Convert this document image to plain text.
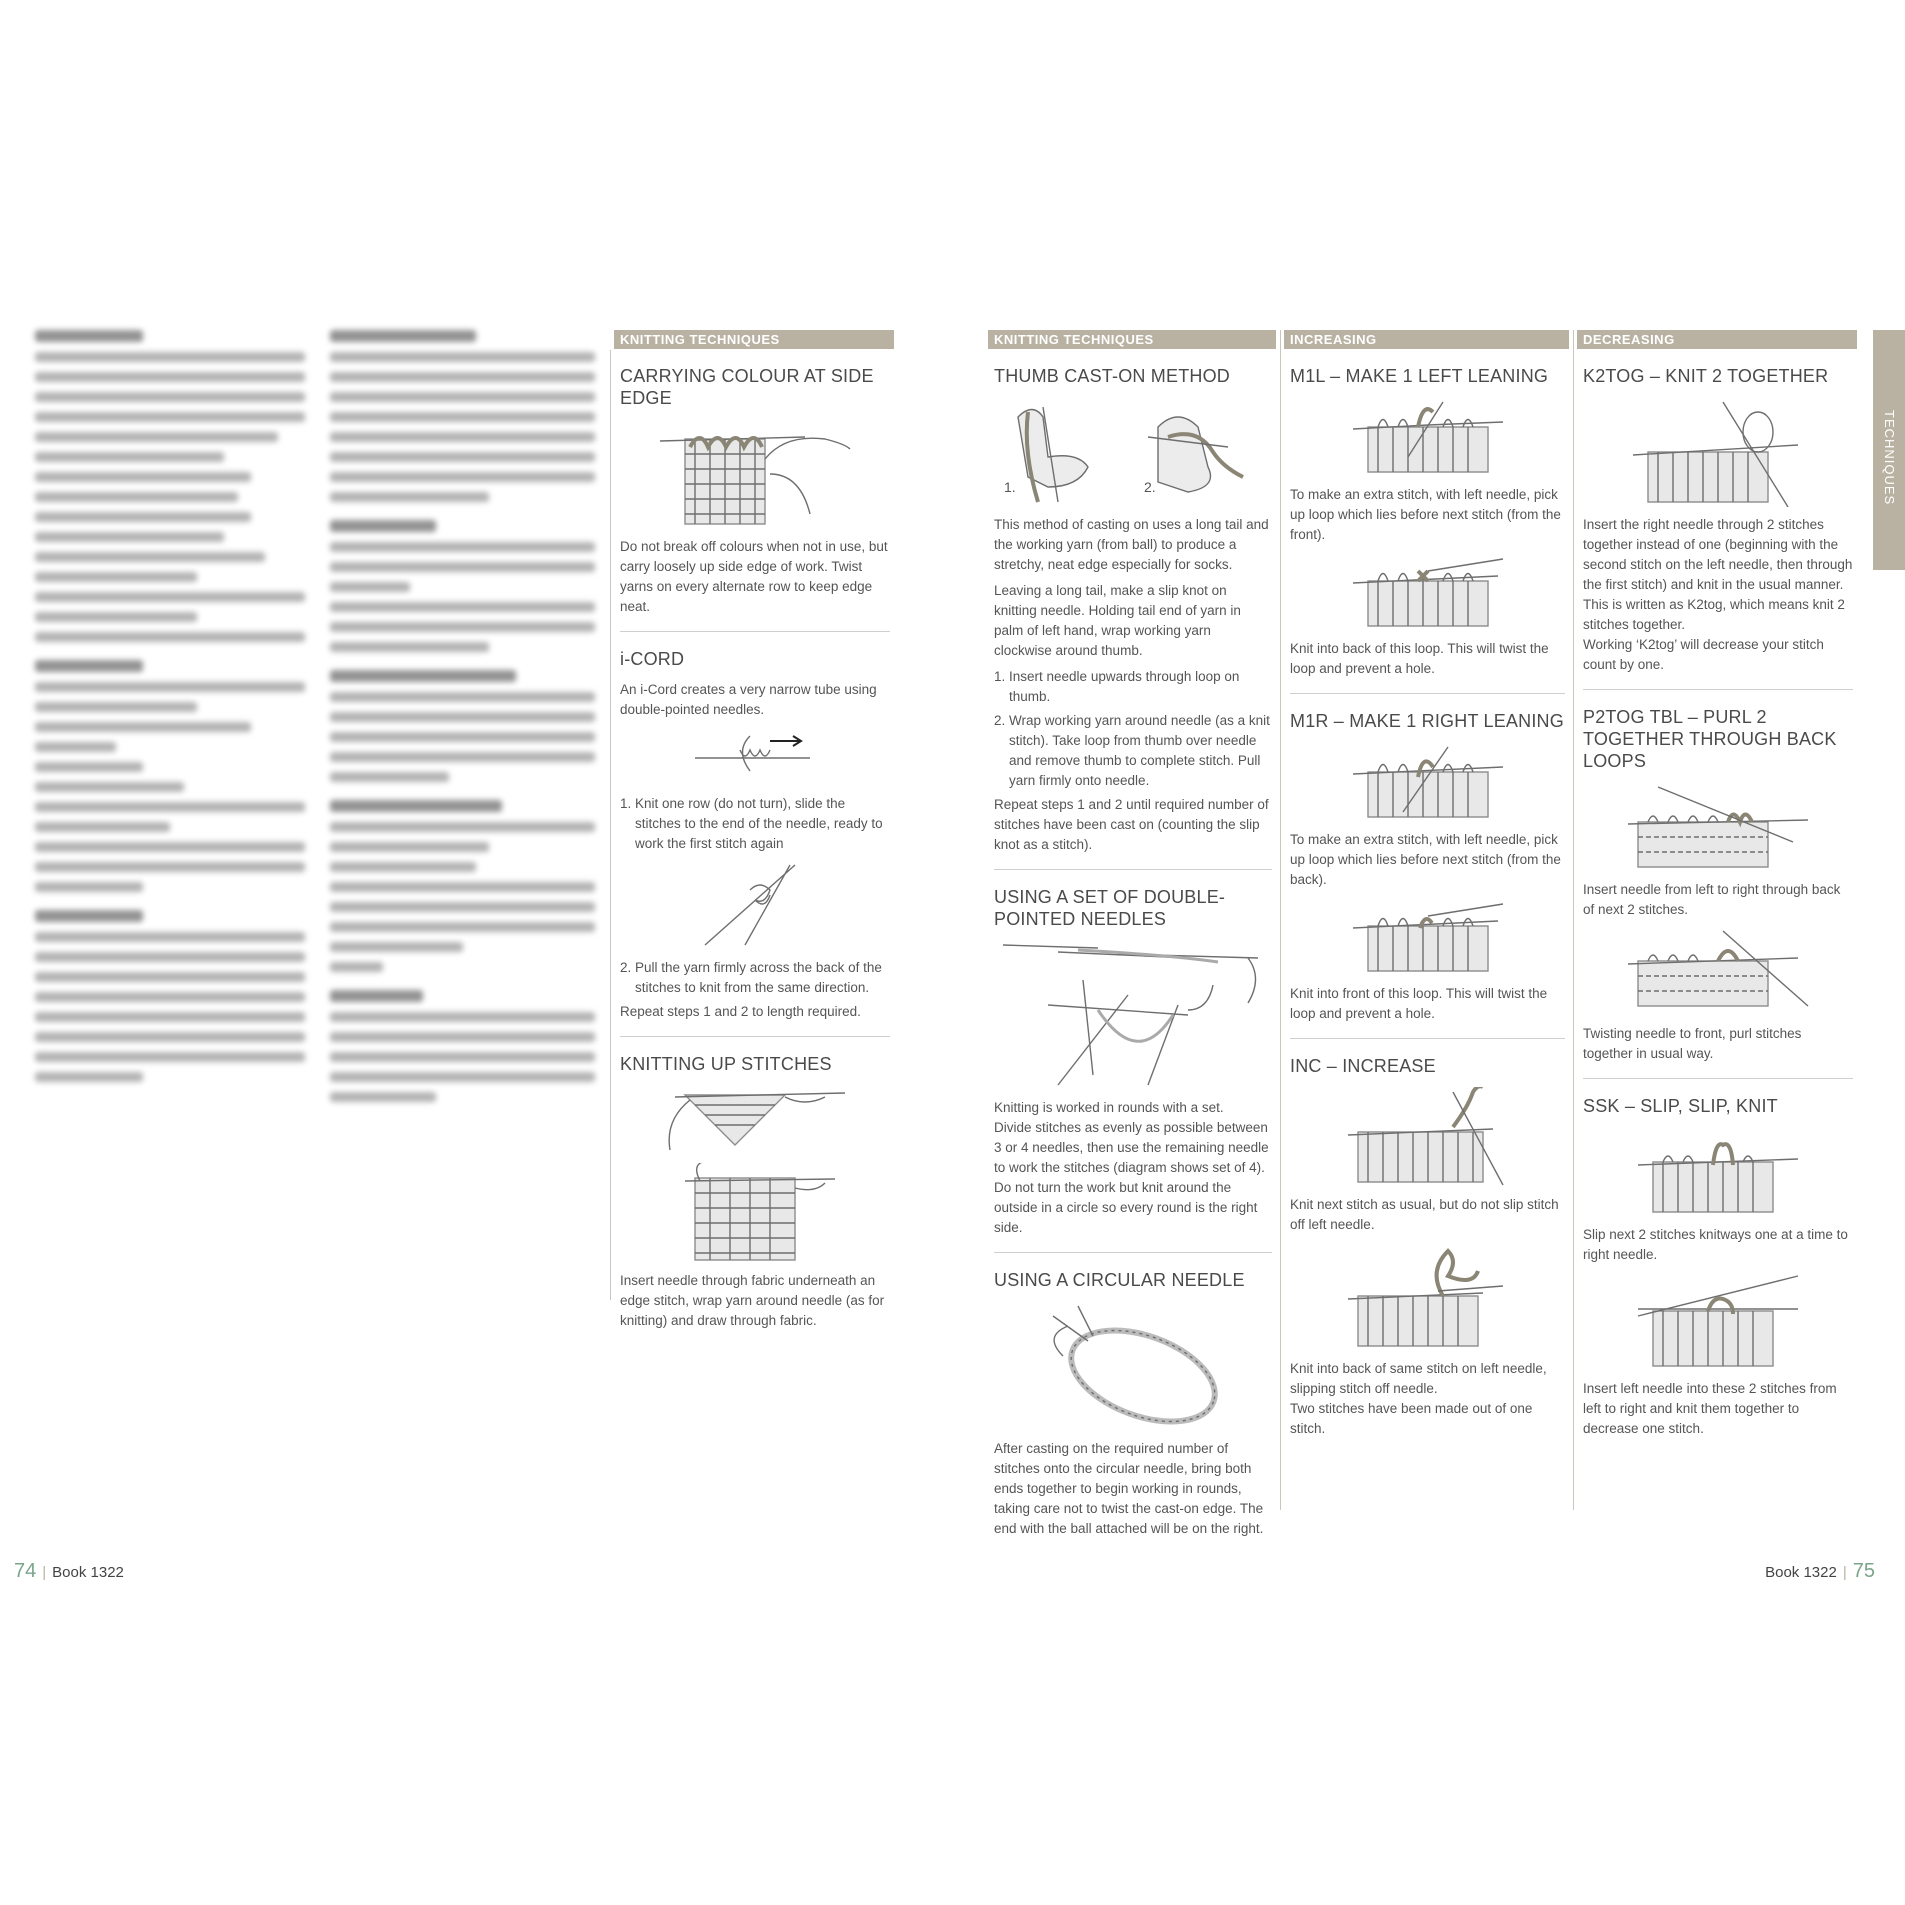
KNITTING TECHNIQUES
CARRYING COLOUR AT SIDE EDGE
Do not break off colours when not in use, but carry loosely up side edge of work. Twist yarns on every alternate row to keep edge neat.
i-CORD
An i-Cord creates a very narrow tube using double-pointed needles.
1. Knit one row (do not turn), slide the stitches to the end of the needle, ready to work the first stitch again
2. Pull the yarn firmly across the back of the stitches to knit from the same direction.
Repeat steps 1 and 2 to length required.
KNITTING UP STITCHES
Insert needle through fabric underneath an edge stitch, wrap yarn around needle (as for knitting) and draw through fabric.
KNITTING TECHNIQUES
THUMB CAST-ON METHOD
1.	2.
This method of casting on uses a long tail and the working yarn (from ball) to produce a stretchy, neat edge especially for socks.
Leaving a long tail, make a slip knot on knitting needle. Holding tail end of yarn in palm of left hand, wrap working yarn clockwise around thumb.
1. Insert needle upwards through loop on thumb.
2. Wrap working yarn around needle (as a knit stitch). Take loop from thumb over needle and remove thumb to complete stitch. Pull yarn firmly onto needle.
Repeat steps 1 and 2 until required number of stitches have been cast on (counting the slip knot as a stitch).
USING A SET OF DOUBLE-POINTED NEEDLES
Knitting is worked in rounds with a set.
Divide stitches as evenly as possible between 3 or 4 needles, then use the remaining needle to work the stitches (diagram shows set of 4). Do not turn the work but knit around the outside in a circle so every round is the right side.
USING A CIRCULAR NEEDLE
After casting on the required number of stitches onto the circular needle, bring both ends together to begin working in rounds, taking care not to twist the cast-on edge. The end with the ball attached will be on the right.
INCREASING
M1L – MAKE 1 LEFT LEANING
To make an extra stitch, with left needle, pick up loop which lies before next stitch (from the front).
Knit into back of this loop. This will twist the loop and prevent a hole.
M1R – MAKE 1 RIGHT LEANING
To make an extra stitch, with left needle, pick up loop which lies before next stitch (from the back).
Knit into front of this loop. This will twist the loop and prevent a hole.
INC – INCREASE
Knit next stitch as usual, but do not slip stitch off left needle.
Knit into back of same stitch on left needle, slipping stitch off needle.
Two stitches have been made out of one stitch.
DECREASING
K2TOG – KNIT 2 TOGETHER
Insert the right needle through 2 stitches together instead of one (beginning with the second stitch on the left needle, then through the first stitch) and knit in the usual manner. This is written as K2tog, which means knit 2 stitches together.
Working ‘K2tog’ will decrease your stitch count by one.
P2TOG TBL – PURL 2 TOGETHER THROUGH BACK LOOPS
Insert needle from left to right through back of next 2 stitches.
Twisting needle to front, purl stitches together in usual way.
SSK – SLIP, SLIP, KNIT
Slip next 2 stitches knitways one at a time to right needle.
Insert left needle into these 2 stitches from left to right and knit them together to decrease one stitch.
TECHNIQUES
74 | Book 1322	Book 1322 | 75
